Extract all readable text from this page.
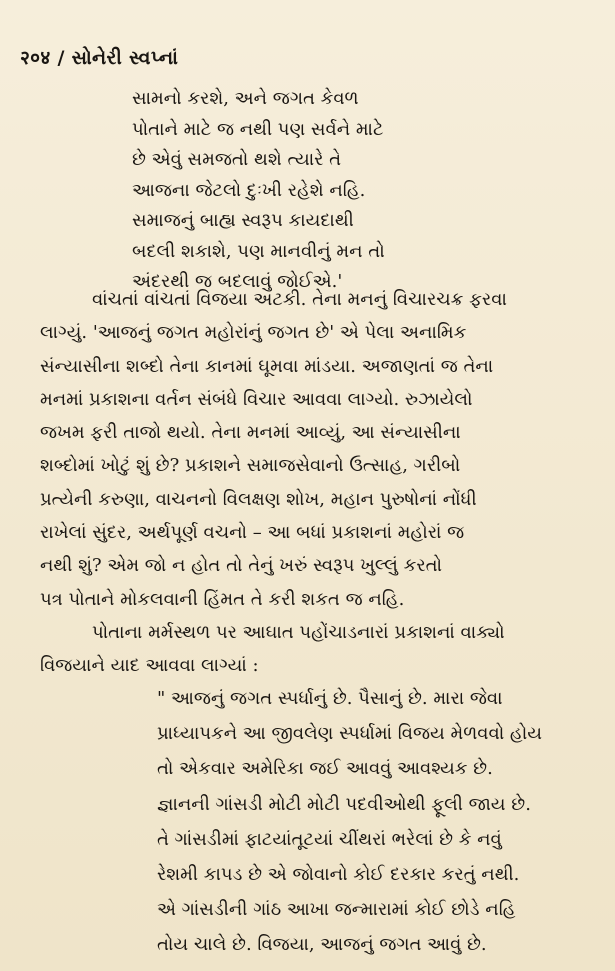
२०४ / સોનેરી સ્વપ્નાં
સામનો કરશે, અને જગત કેવળ
પોતાને માટે જ નથી પણ સર્વને માટે
છે એવું સમજતો થશે ત્યારે તે
આજના જેટલો દુઃખી રહેશે નહિ.
સમાજનું બાહ્ય સ્વરૂપ કાયદાથી
બદલી શકાશે, પણ માનવીનું મન તો
અંદરથી જ બદલાવું જોઈએ.'
વાંચતાં વાંચતાં વિજયા અટકી. તેના મનનું વિચારચક્ર ફરવા
લાગ્યું. 'આજનું જગત મહોરાંનું જગત છે' એ પેલા અનામિક
સંન્યાસીના શબ્દો તેના કાનમાં ઘૂમવા માંડયા. અજાણતાં જ તેના
મનમાં પ્રકાશના વર્તન સંબંધે વિચાર આવવા લાગ્યો. રુઝાયેલો
જખમ ફરી તાજો થયો. તેના મનમાં આવ્યું, આ સંન્યાસીના
શબ્દોમાં ખોટું શું છે? પ્રકાશને સમાજસેવાનો ઉત્સાહ, ગરીબો
પ્રત્યેની કરુણા, વાચનનો વિલક્ષણ શોખ, મહાન પુરુષોનાં નોંધી
રાખેલાં સુંદર, અર્થપૂર્ણ વચનો – આ બધાં પ્રકાશનાં મહોરાં જ
નથી શું? એમ જો ન હોત તો તેનું ખરું સ્વરૂપ ખુલ્લું કરતો
પત્ર પોતાને મોકલવાની હિંમત તે કરી શકત જ નહિ.
પોતાના મર્મસ્થળ પર આઘાત પહોંચાડનારાં પ્રકાશનાં વાક્યો
વિજયાને યાદ આવવા લાગ્યાં :
" આજનું જગત સ્પર્ધાનું છે. પૈસાનું છે. મારા જેવા
પ્રાધ્યાપકને આ જીવલેણ સ્પર્ધામાં વિજય મેળવવો હોય
તો એકવાર અમેરિકા જઈ આવવું આવશ્યક છે.
જ્ઞાનની ગાંસડી મોટી મોટી પદવીઓથી ફૂલી જાય છે.
તે ગાંસડીમાં ફાટયાંતૂટયાં ચીંથરાં ભરેલાં છે કે નવું
રેશમી કાપડ છે એ જોવાનો કોઈ દરકાર કરતું નથી.
એ ગાંસડીની ગાંઠ આખા જન્મારામાં કોઈ છોડે નહિ
તોય ચાલે છે. વિજયા, આજનું જગત આવું છે.
